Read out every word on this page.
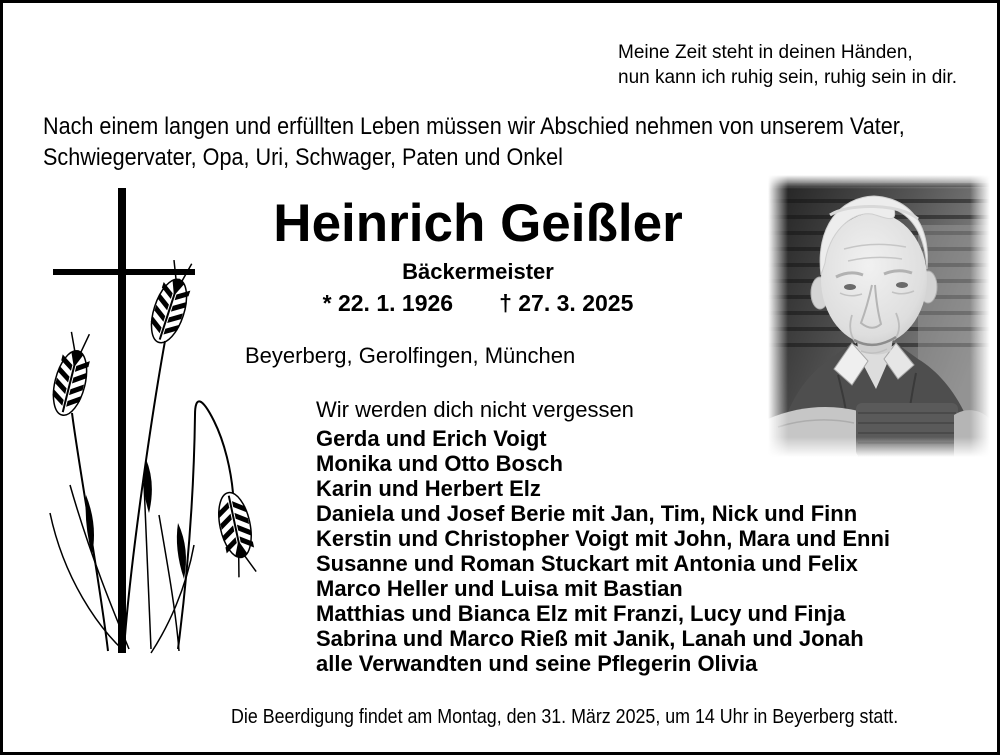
Meine Zeit steht in deinen Händen,
nun kann ich ruhig sein, ruhig sein in dir.
Nach einem langen und erfüllten Leben müssen wir Abschied nehmen von unserem Vater,
Schwiegervater, Opa, Uri, Schwager, Paten und Onkel
Heinrich Geißler
Bäckermeister
* 22. 1. 1926 † 27. 3. 2025
Beyerberg, Gerolfingen, München
Wir werden dich nicht vergessen
Gerda und Erich Voigt
Monika und Otto Bosch
Karin und Herbert Elz
Daniela und Josef Berie mit Jan, Tim, Nick und Finn
Kerstin und Christopher Voigt mit John, Mara und Enni
Susanne und Roman Stuckart mit Antonia und Felix
Marco Heller und Luisa mit Bastian
Matthias und Bianca Elz mit Franzi, Lucy und Finja
Sabrina und Marco Rieß mit Janik, Lanah und Jonah
alle Verwandten und seine Pflegerin Olivia
Die Beerdigung findet am Montag, den 31. März 2025, um 14 Uhr in Beyerberg statt.
